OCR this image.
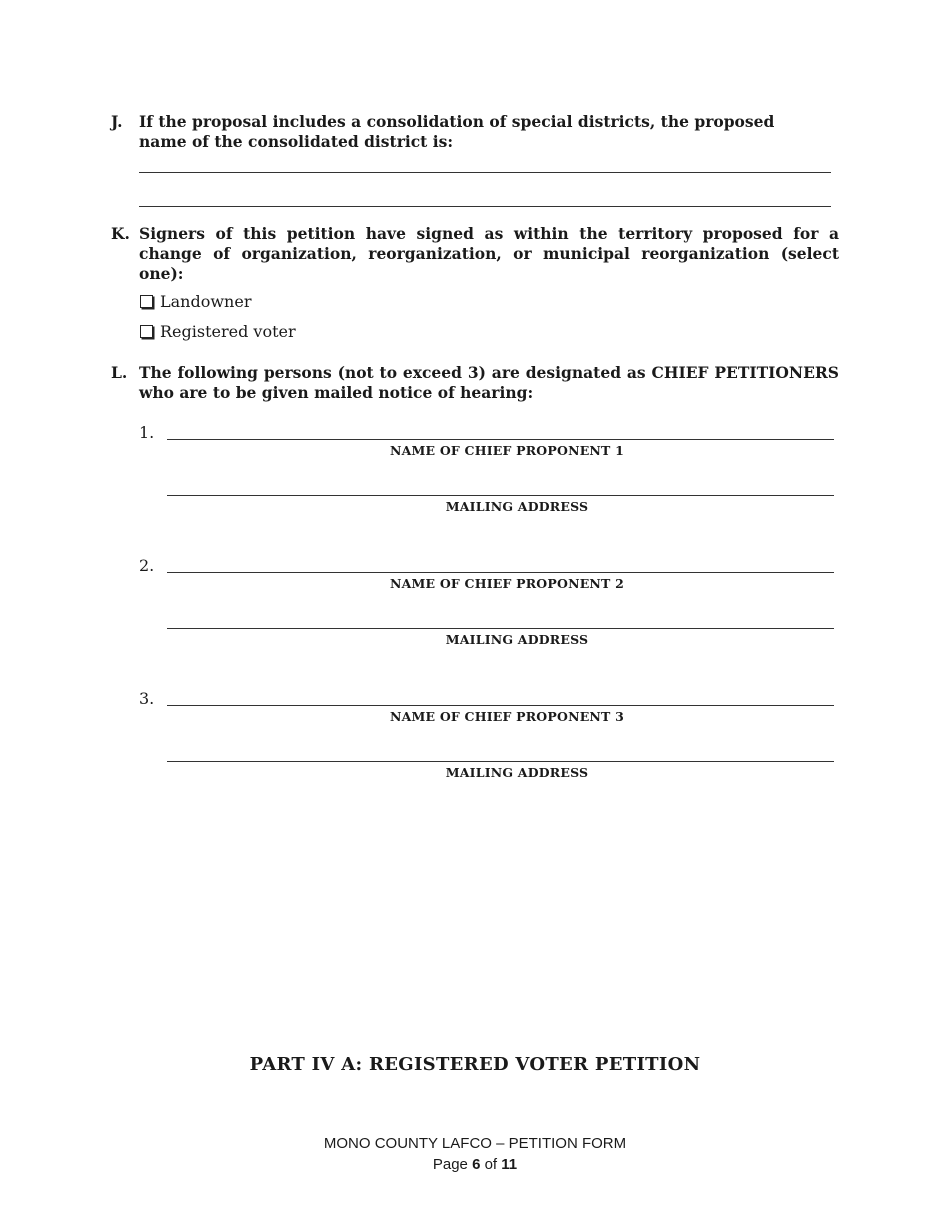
J. If the proposal includes a consolidation of special districts, the proposed name of the consolidated district is:
K. Signers of this petition have signed as within the territory proposed for a change of organization, reorganization, or municipal reorganization (select one):
Landowner
Registered voter
L. The following persons (not to exceed 3) are designated as CHIEF PETITIONERS who are to be given mailed notice of hearing:
1.
NAME OF CHIEF PROPONENT 1
MAILING ADDRESS
2.
NAME OF CHIEF PROPONENT 2
MAILING ADDRESS
3.
NAME OF CHIEF PROPONENT 3
MAILING ADDRESS
PART IV A: REGISTERED VOTER PETITION
MONO COUNTY LAFCO – PETITION FORM
Page 6 of 11
